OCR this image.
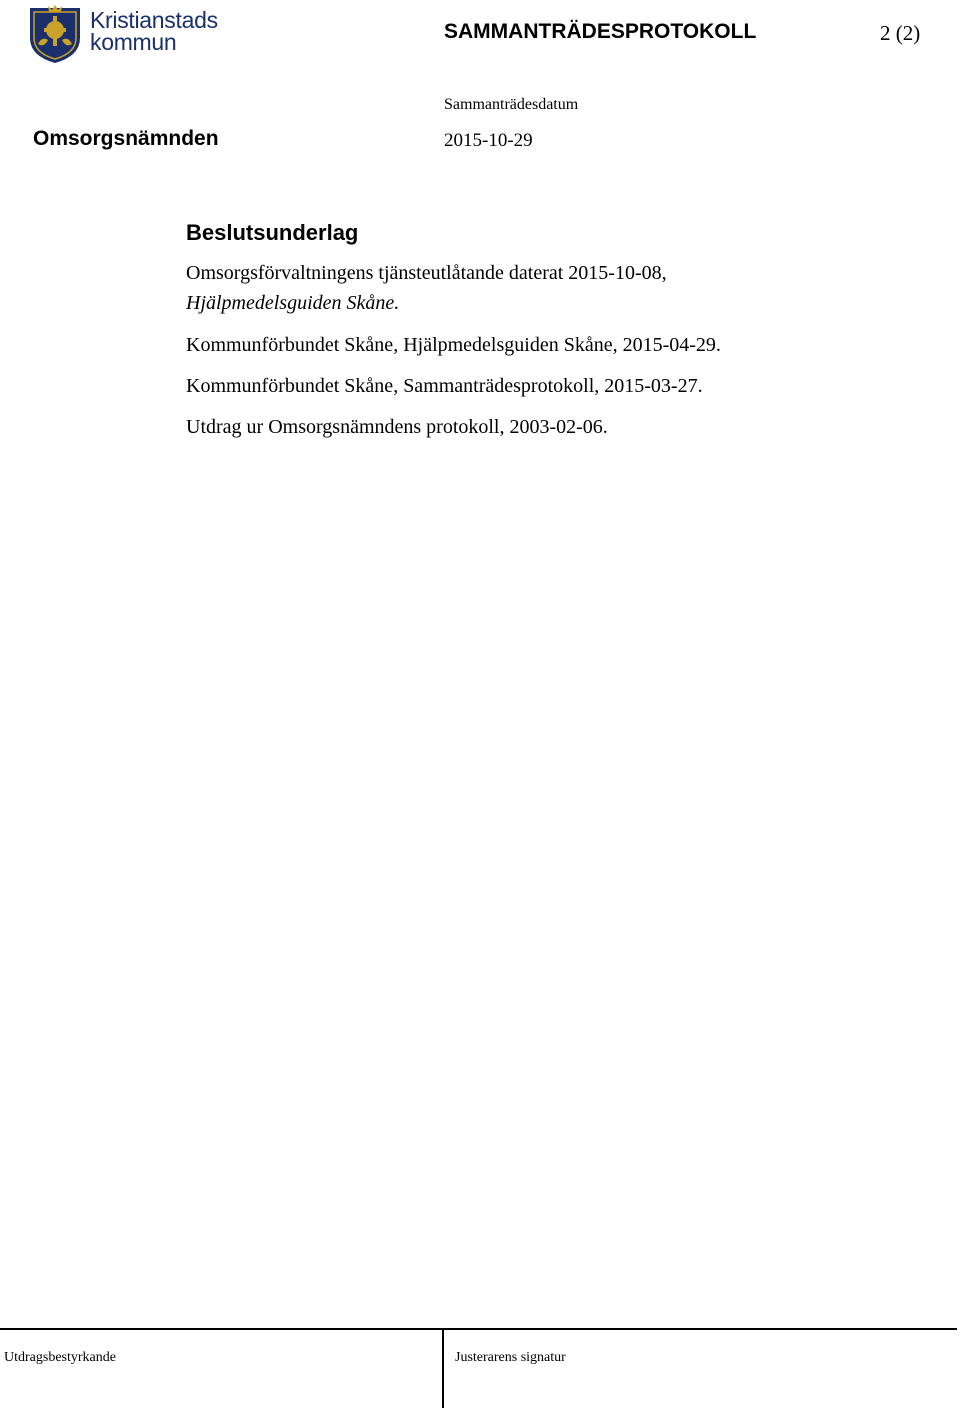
Kristianstads
kommun	SAMMANTRÄDESPROTOKOLL	2 (2)
Sammanträdesdatum
Omsorgsnämnden	2015-10-29
Beslutsunderlag
Omsorgsförvaltningens tjänsteutlåtande daterat 2015-10-08,
Hjälpmedelsguiden Skåne.
Kommunförbundet Skåne, Hjälpmedelsguiden Skåne, 2015-04-29.
Kommunförbundet Skåne, Sammanträdesprotokoll, 2015-03-27.
Utdrag ur Omsorgsnämndens protokoll, 2003-02-06.
Utdragsbestyrkande	Justerarens signatur
